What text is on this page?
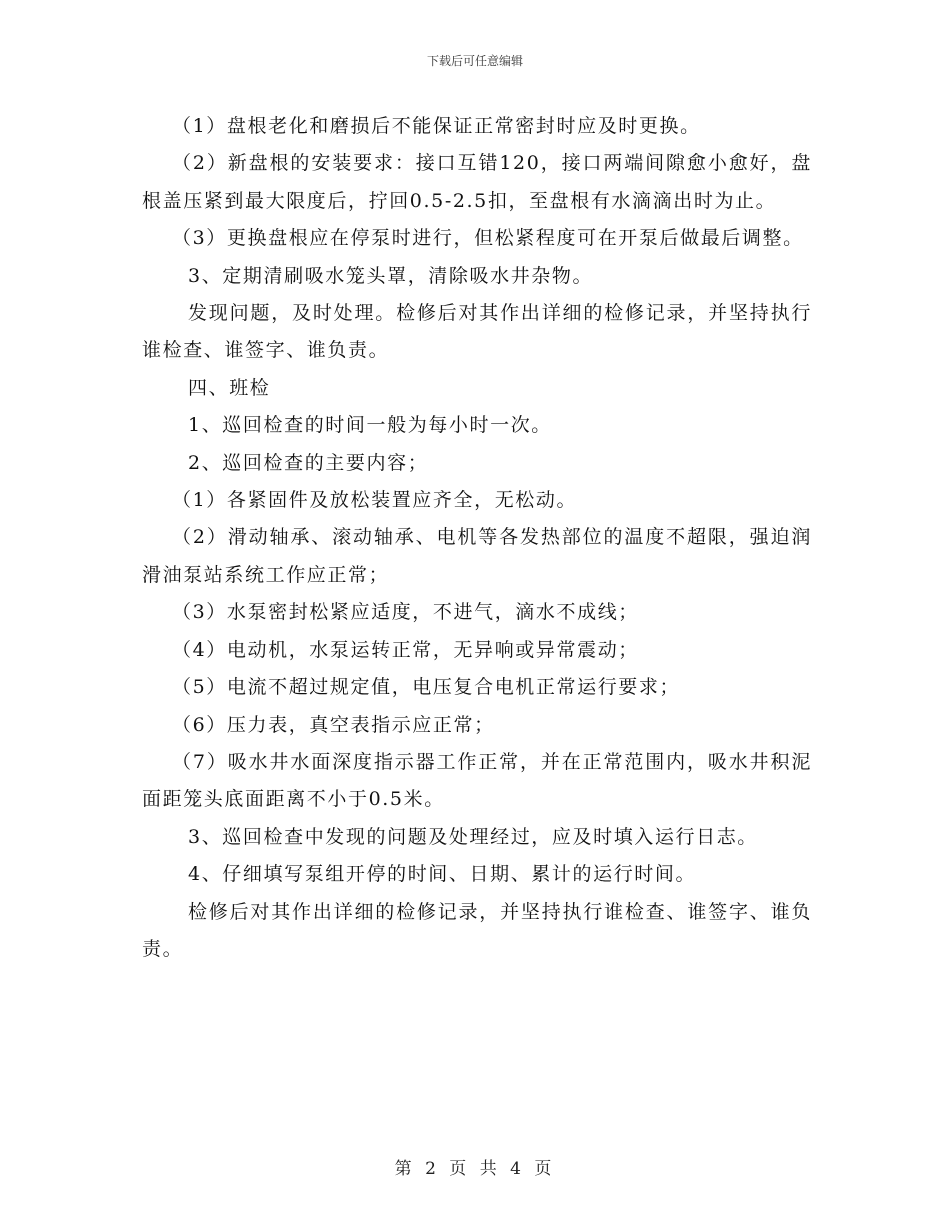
下载后可任意编辑

（1）盘根老化和磨损后不能保证正常密封时应及时更换。

（2）新盘根的安装要求：接口互错120，接口两端间隙愈小愈好，盘根盖压紧到最大限度后，拧回0.5-2.5扣，至盘根有水滴滴出时为止。

（3）更换盘根应在停泵时进行，但松紧程度可在开泵后做最后调整。

3、定期清刷吸水笼头罩，清除吸水井杂物。

发现问题，及时处理。检修后对其作出详细的检修记录，并坚持执行谁检查、谁签字、谁负责。

四、班检

1、巡回检查的时间一般为每小时一次。

2、巡回检查的主要内容；

（1）各紧固件及放松装置应齐全，无松动。

（2）滑动轴承、滚动轴承、电机等各发热部位的温度不超限，强迫润滑油泵站系统工作应正常；

（3）水泵密封松紧应适度，不进气，滴水不成线；

（4）电动机，水泵运转正常，无异响或异常震动；

（5）电流不超过规定值，电压复合电机正常运行要求；

（6）压力表，真空表指示应正常；

（7）吸水井水面深度指示器工作正常，并在正常范围内，吸水井积泥面距笼头底面距离不小于0.5米。

3、巡回检查中发现的问题及处理经过，应及时填入运行日志。

4、仔细填写泵组开停的时间、日期、累计的运行时间。

检修后对其作出详细的检修记录，并坚持执行谁检查、谁签字、谁负责。

第 2 页 共 4 页
